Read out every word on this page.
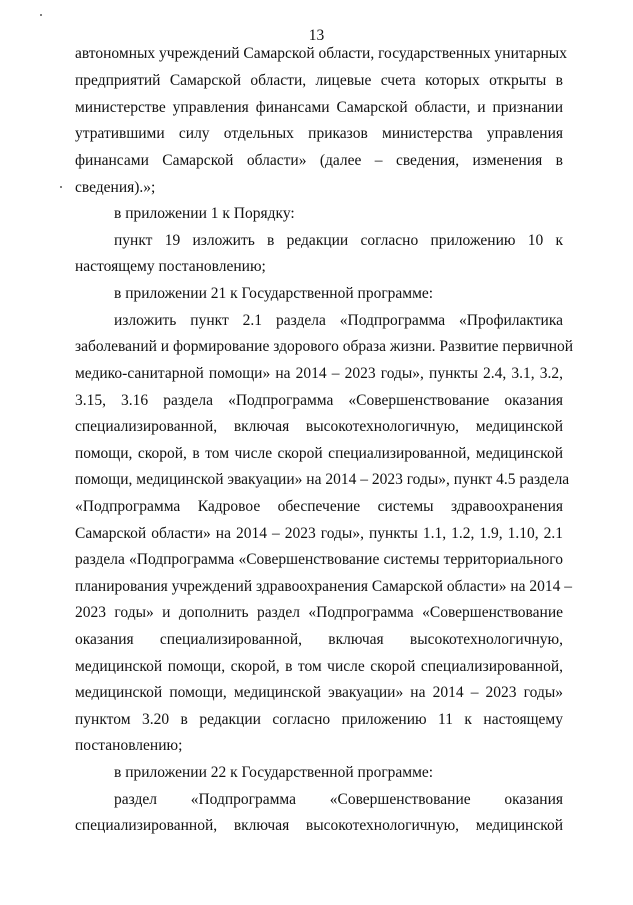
13
автономных учреждений Самарской области, государственных унитарных
предприятий Самарской области, лицевые счета которых открыты в
министерстве управления финансами Самарской области, и признании
утратившими силу отдельных приказов министерства управления
финансами Самарской области» (далее – сведения, изменения в
сведения).»;
в приложении 1 к Порядку:
пункт 19 изложить в редакции согласно приложению 10 к
настоящему постановлению;
в приложении 21 к Государственной программе:
изложить пункт 2.1 раздела «Подпрограмма «Профилактика
заболеваний и формирование здорового образа жизни. Развитие первичной
медико-санитарной помощи» на 2014 – 2023 годы», пункты 2.4, 3.1, 3.2,
3.15, 3.16 раздела «Подпрограмма «Совершенствование оказания
специализированной, включая высокотехнологичную, медицинской
помощи, скорой, в том числе скорой специализированной, медицинской
помощи, медицинской эвакуации» на 2014 – 2023 годы», пункт 4.5 раздела
«Подпрограмма Кадровое обеспечение системы здравоохранения
Самарской области» на 2014 – 2023 годы», пункты 1.1, 1.2, 1.9, 1.10, 2.1
раздела «Подпрограмма «Совершенствование системы территориального
планирования учреждений здравоохранения Самарской области» на 2014 –
2023 годы» и дополнить раздел «Подпрограмма «Совершенствование
оказания специализированной, включая высокотехнологичную,
медицинской помощи, скорой, в том числе скорой специализированной,
медицинской помощи, медицинской эвакуации» на 2014 – 2023 годы»
пунктом 3.20 в редакции согласно приложению 11 к настоящему
постановлению;
в приложении 22 к Государственной программе:
раздел «Подпрограмма «Совершенствование оказания
специализированной, включая высокотехнологичную, медицинской
